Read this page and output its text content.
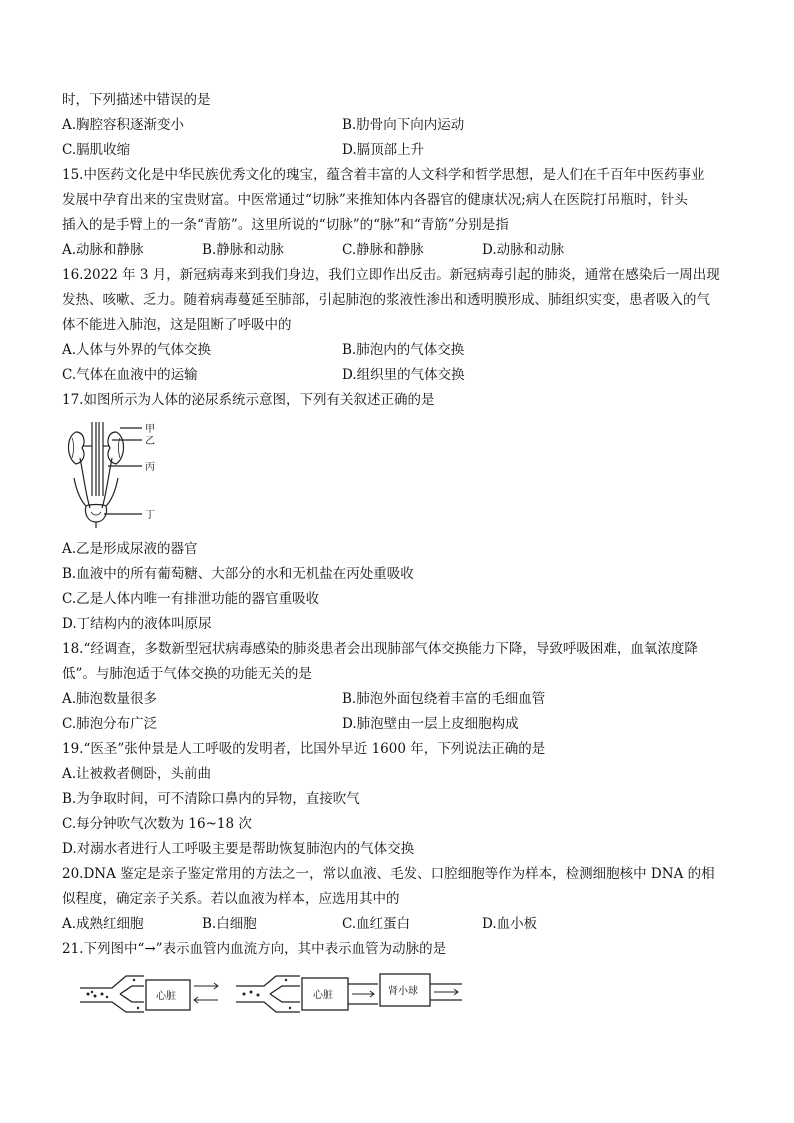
时，下列描述中错误的是
A.胸腔容积逐渐变小	B.肋骨向下向内运动
C.膈肌收缩	D.膈顶部上升
15.中医药文化是中华民族优秀文化的瑰宝，蕴含着丰富的人文科学和哲学思想，是人们在千百年中医药事业
发展中孕育出来的宝贵财富。中医常通过“切脉”来推知体内各器官的健康状况;病人在医院打吊瓶时，针头
插入的是手臂上的一条“青筋”。这里所说的“切脉”的“脉”和“青筋”分别是指
A.动脉和静脉	B.静脉和动脉	C.静脉和静脉	D.动脉和动脉
16.2022 年 3 月，新冠病毒来到我们身边，我们立即作出反击。新冠病毒引起的肺炎，通常在感染后一周出现
发热、咳嗽、乏力。随着病毒蔓延至肺部，引起肺泡的浆液性渗出和透明膜形成、肺组织实变，患者吸入的气
体不能进入肺泡，这是阻断了呼吸中的
A.人体与外界的气体交换	B.肺泡内的气体交换
C.气体在血液中的运输	D.组织里的气体交换
17.如图所示为人体的泌尿系统示意图，下列有关叙述正确的是
甲
乙
丙
丁
A.乙是形成尿液的器官
B.血液中的所有葡萄糖、大部分的水和无机盐在丙处重吸收
C.乙是人体内唯一有排泄功能的器官重吸收
D.丁结构内的液体叫原尿
18.“经调查，多数新型冠状病毒感染的肺炎患者会出现肺部气体交换能力下降，导致呼吸困难，血氧浓度降
低”。与肺泡适于气体交换的功能无关的是
A.肺泡数量很多	B.肺泡外面包绕着丰富的毛细血管
C.肺泡分布广泛	D.肺泡壁由一层上皮细胞构成
19.“医圣”张仲景是人工呼吸的发明者，比国外早近 1600 年，下列说法正确的是
A.让被救者侧卧，头前曲
B.为争取时间，可不清除口鼻内的异物，直接吹气
C.每分钟吹气次数为 16~18 次
D.对溺水者进行人工呼吸主要是帮助恢复肺泡内的气体交换
20.DNA 鉴定是亲子鉴定常用的方法之一，常以血液、毛发、口腔细胞等作为样本，检测细胞核中 DNA 的相
似程度，确定亲子关系。若以血液为样本，应选用其中的
A.成熟红细胞	B.白细胞	C.血红蛋白	D.血小板
21.下列图中“→”表示血管内血流方向，其中表示血管为动脉的是
心脏	心脏	肾小球
